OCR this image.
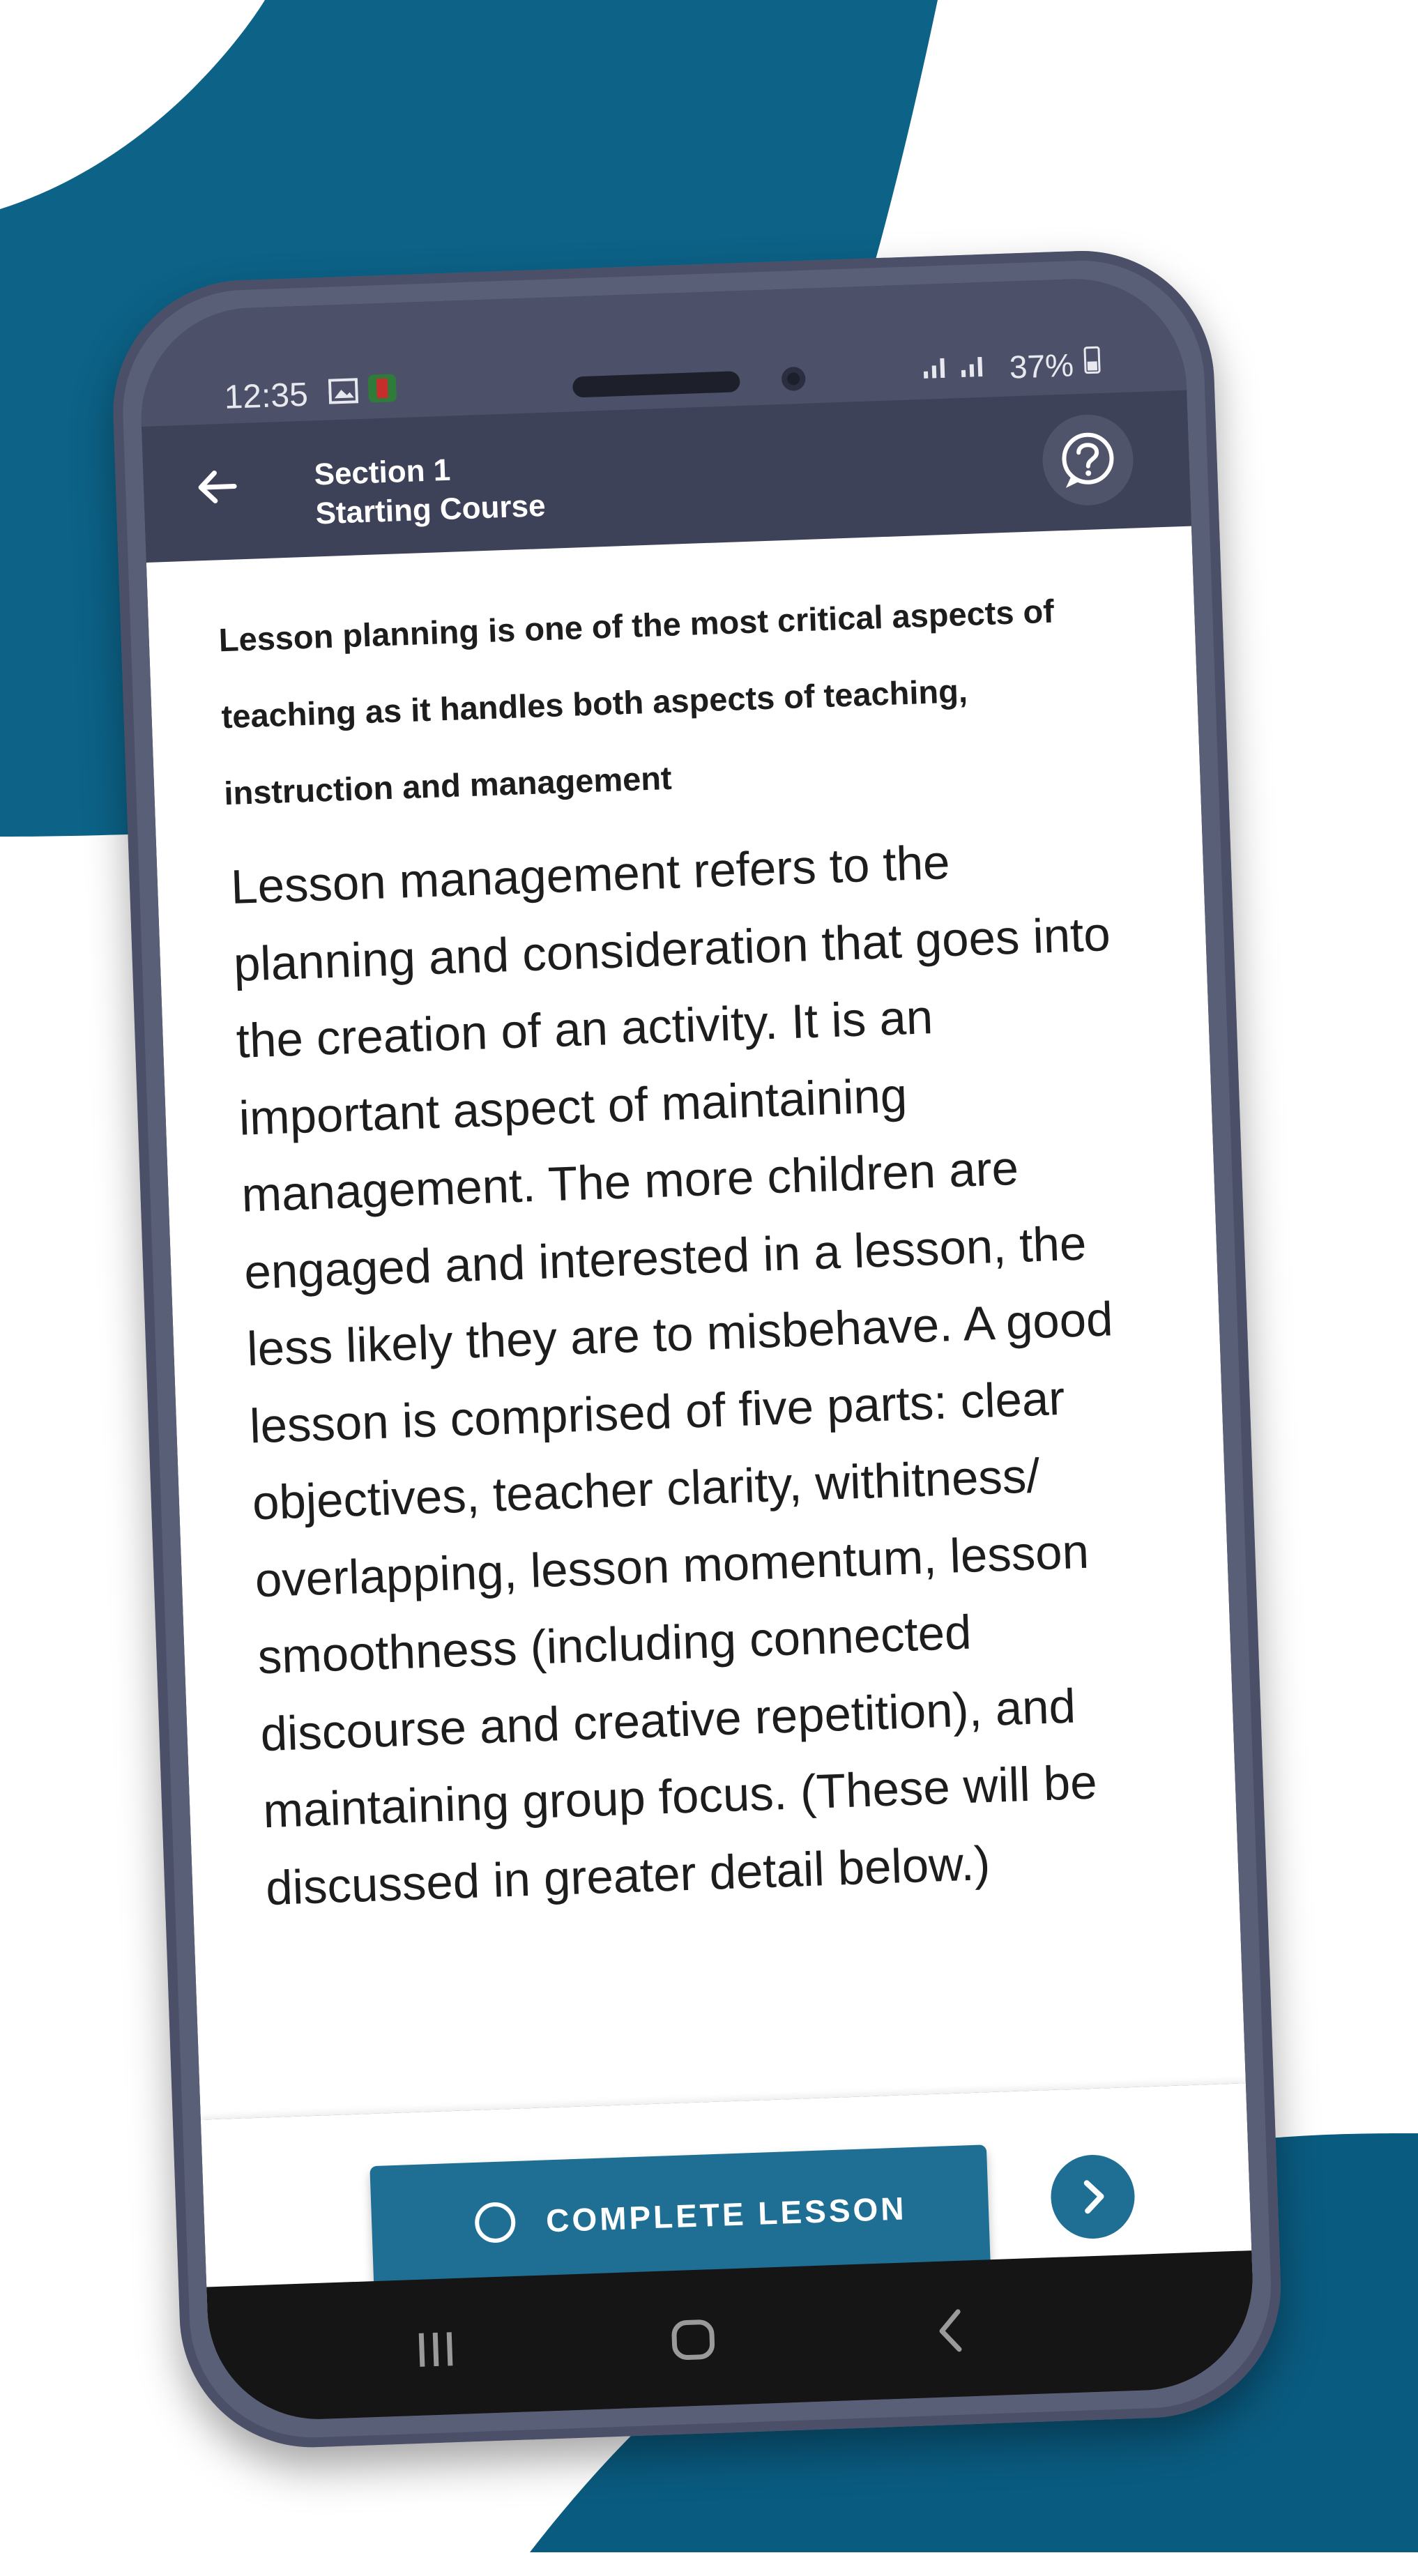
12:35

37%
Section 1
Starting Course
Lesson planning is one of the most critical aspects of teaching as it handles both aspects of teaching, instruction and management
Lesson management refers to the planning and consideration that goes into the creation of an activity. It is an important aspect of maintaining management. The more children are engaged and interested in a lesson, the less likely they are to misbehave. A good lesson is comprised of five parts: clear objectives, teacher clarity, withitness/ overlapping, lesson momentum, lesson smoothness (including connected discourse and creative repetition), and maintaining group focus. (These will be discussed in greater detail below.)
COMPLETE LESSON
